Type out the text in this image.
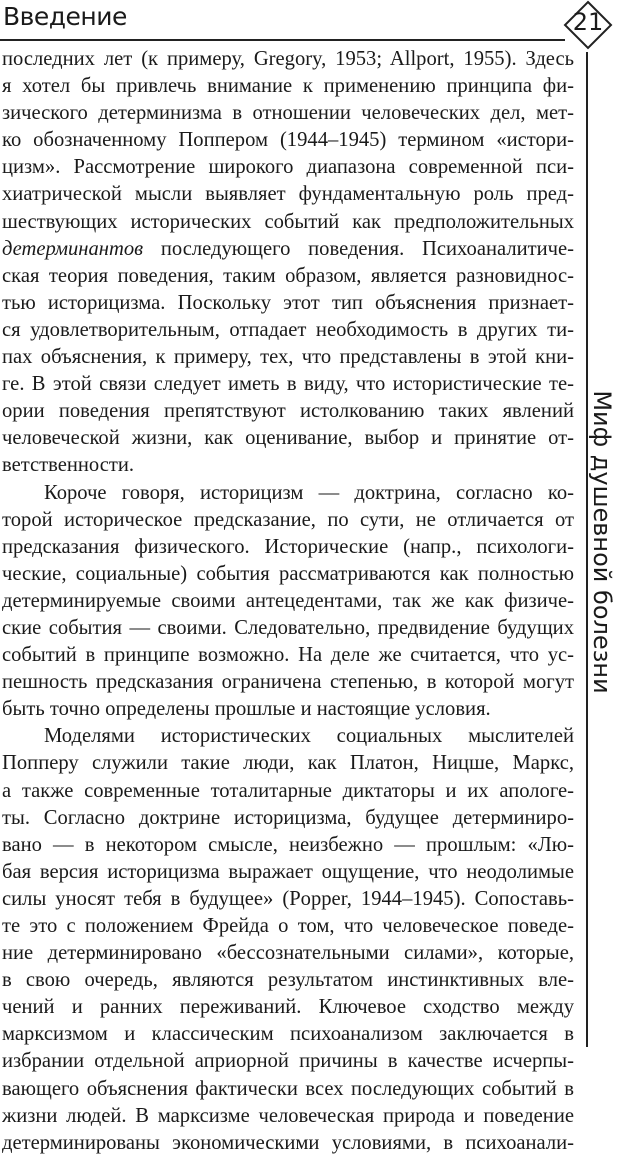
Введение	21
Миф душевной болезни
последних лет (к примеру, Gregory, 1953; Allport, 1955). Здесь
я хотел бы привлечь внимание к применению принципа фи-
зического детерминизма в отношении человеческих дел, мет-
ко обозначенному Поппером (1944–1945) термином «истори-
цизм». Рассмотрение широкого диапазона современной пси-
хиатрической мысли выявляет фундаментальную роль пред-
шествующих исторических событий как предположительных
детерминантов последующего поведения. Психоаналитиче-
ская теория поведения, таким образом, является разновиднос-
тью историцизма. Поскольку этот тип объяснения признает-
ся удовлетворительным, отпадает необходимость в других ти-
пах объяснения, к примеру, тех, что представлены в этой кни-
ге. В этой связи следует иметь в виду, что истористические те-
ории поведения препятствуют истолкованию таких явлений
человеческой жизни, как оценивание, выбор и принятие от-
ветственности.
Короче говоря, историцизм — доктрина, согласно ко-
торой историческое предсказание, по сути, не отличается от
предсказания физического. Исторические (напр., психологи-
ческие, социальные) события рассматриваются как полностью
детерминируемые своими антецедентами, так же как физиче-
ские события — своими. Следовательно, предвидение будущих
событий в принципе возможно. На деле же считается, что ус-
пешность предсказания ограничена степенью, в которой могут
быть точно определены прошлые и настоящие условия.
Моделями истористических социальных мыслителей
Попперу служили такие люди, как Платон, Ницше, Маркс,
а также современные тоталитарные диктаторы и их апологе-
ты. Согласно доктрине историцизма, будущее детерминиро-
вано — в некотором смысле, неизбежно — прошлым: «Лю-
бая версия историцизма выражает ощущение, что неодолимые
силы уносят тебя в будущее» (Popper, 1944–1945). Сопоставь-
те это с положением Фрейда о том, что человеческое поведе-
ние детерминировано «бессознательными силами», которые,
в свою очередь, являются результатом инстинктивных вле-
чений и ранних переживаний. Ключевое сходство между
марксизмом и классическим психоанализом заключается в
избрании отдельной априорной причины в качестве исчерпы-
вающего объяснения фактически всех последующих событий в
жизни людей. В марксизме человеческая природа и поведение
детерминированы экономическими условиями, в психоанали-
